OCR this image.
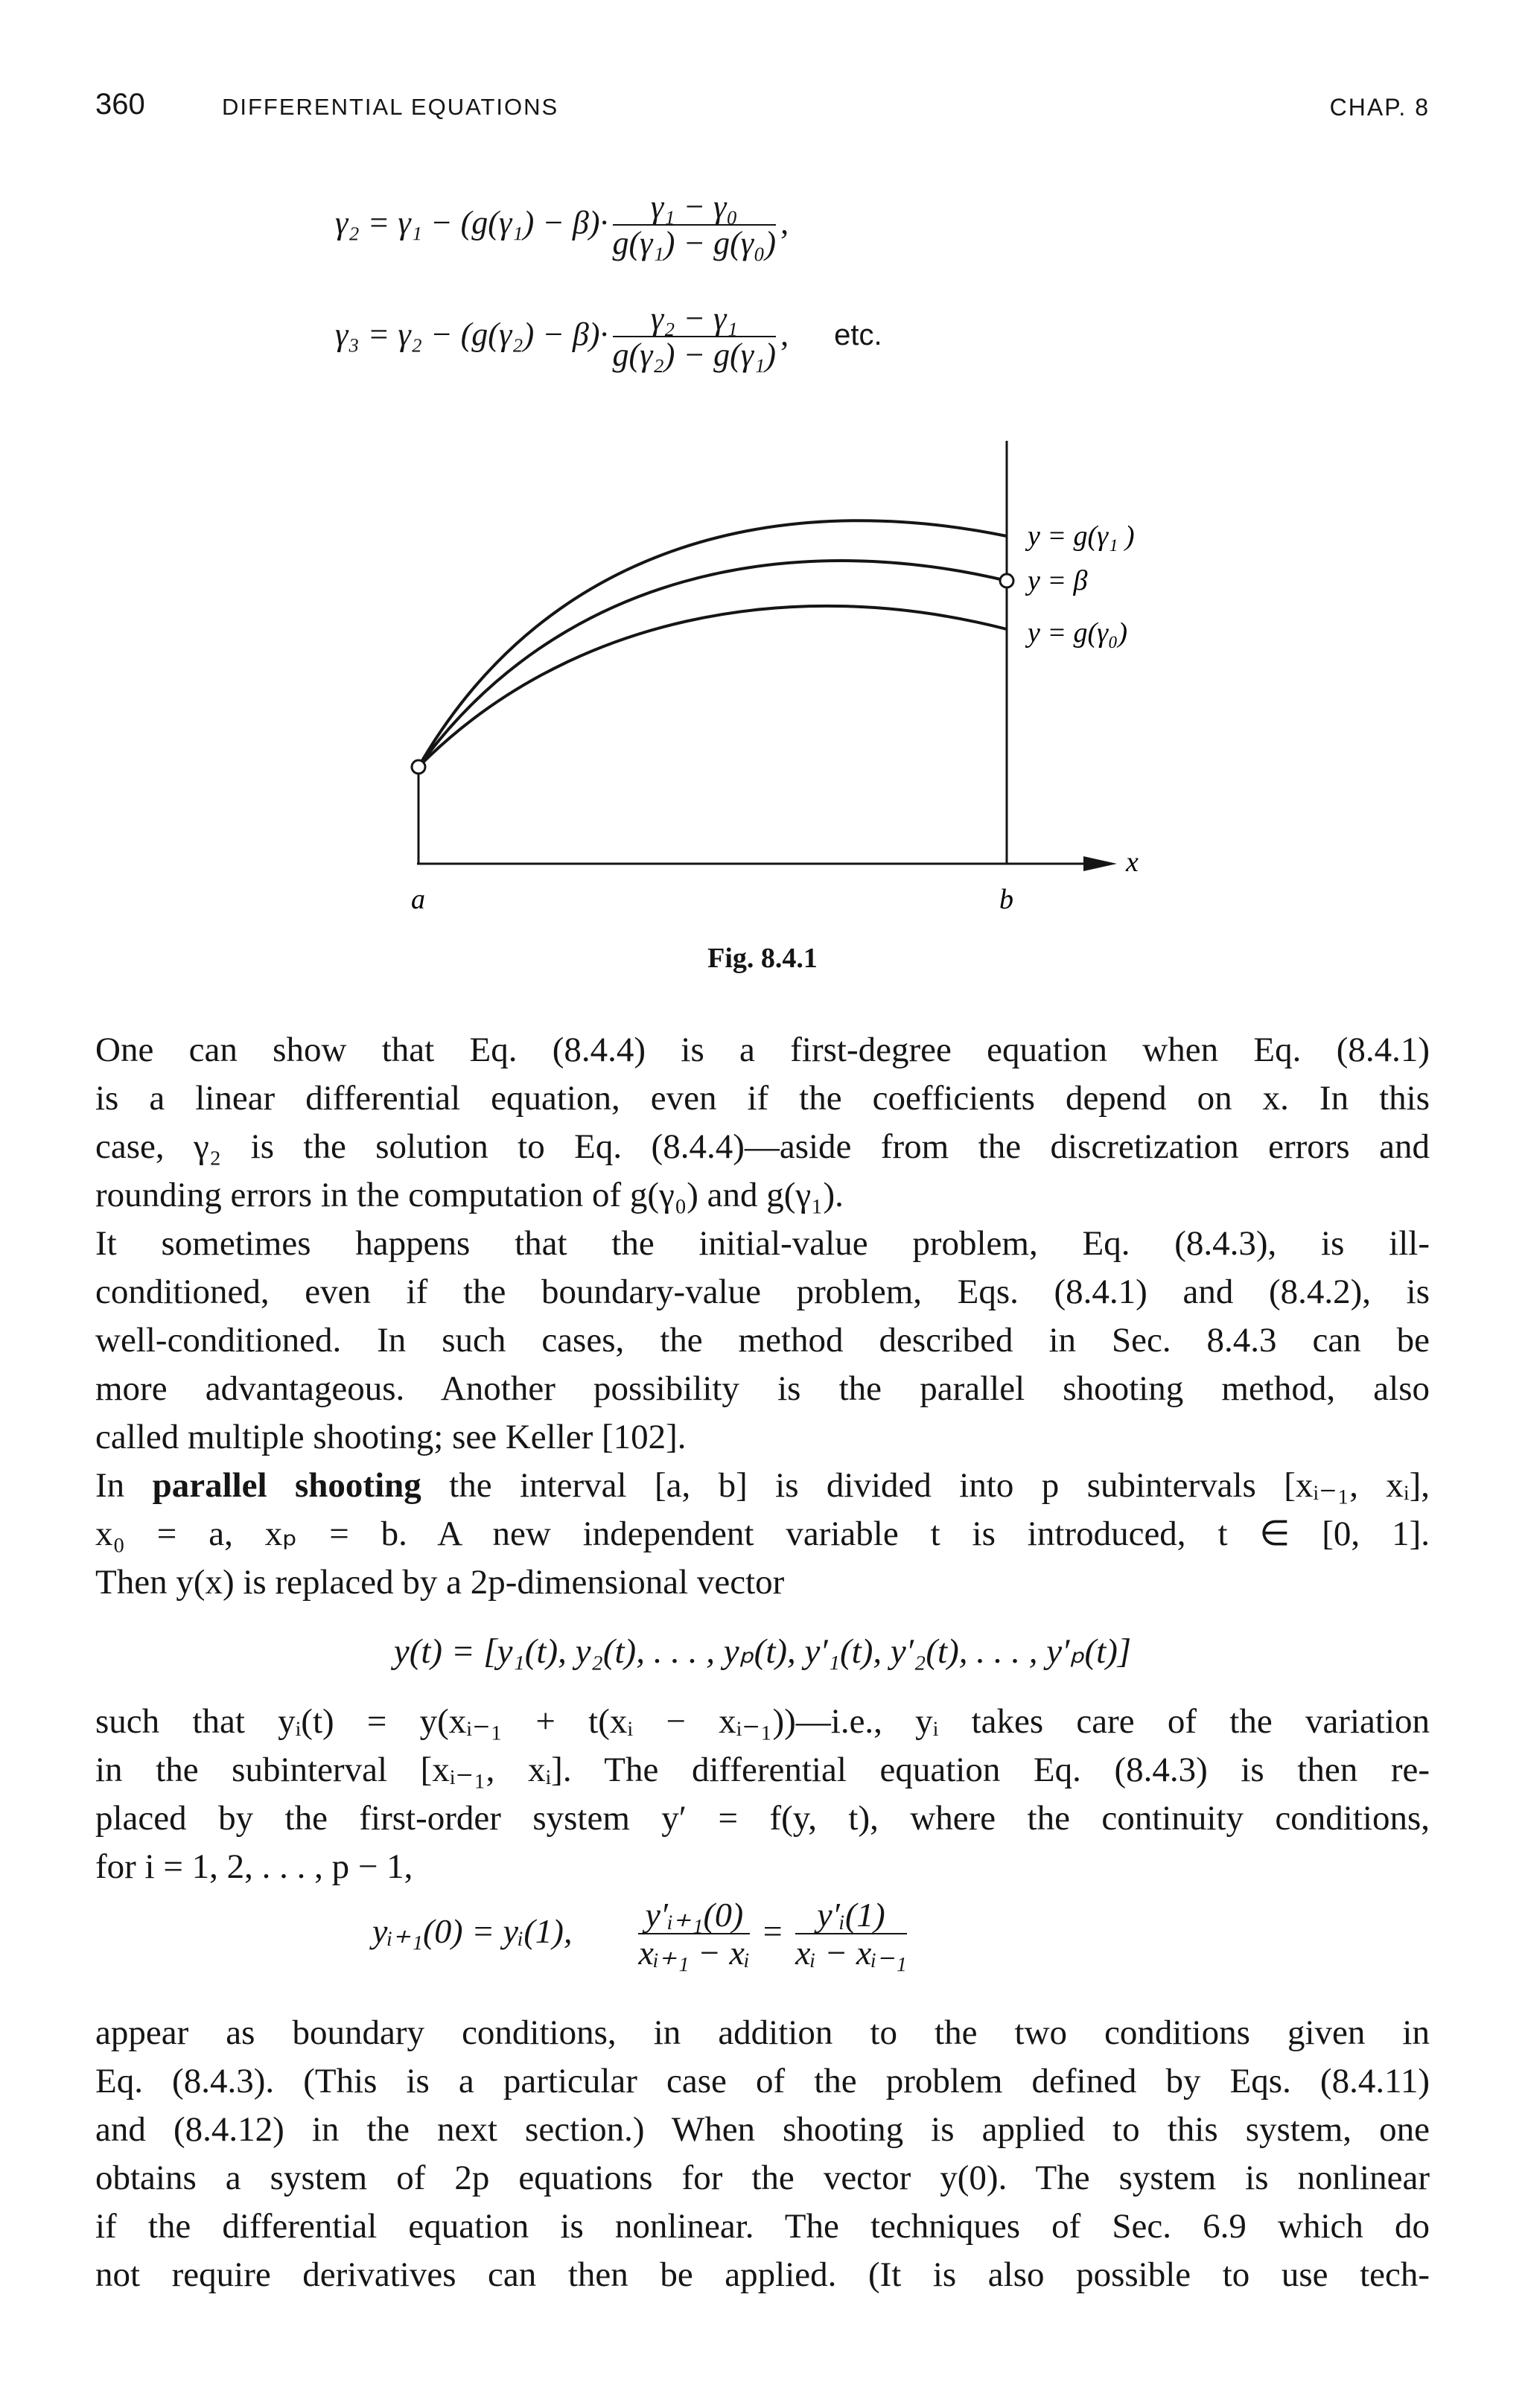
360	DIFFERENTIAL EQUATIONS	CHAP. 8
$\gamma_2 = \gamma_1 - (g(\gamma_1) - \beta)\cdot \frac{\text{γ₁ − γ₀}}{\text{g(γ₁) − g(γ₀)}}$ ,
$\gamma_3 = \gamma_2 - (g(\gamma_2) - \beta)\cdot \frac{\text{γ₂ − γ₁}}{\text{g(γ₂) − g(γ₁)}}$ , etc.
y = g(γ₁ )
y = β
y = g(γ₀)
a	b
x
Fig. 8.4.1
One can show that Eq. (8.4.4) is a first-degree equation when Eq. (8.4.1)
is a linear differential equation, even if the coefficients depend on x. In this
case, γ₂ is the solution to Eq. (8.4.4)—aside from the discretization errors and
rounding errors in the computation of g(γ₀) and g(γ₁).
It sometimes happens that the initial-value problem, Eq. (8.4.3), is ill-
conditioned, even if the boundary-value problem, Eqs. (8.4.1) and (8.4.2), is
well-conditioned. In such cases, the method described in Sec. 8.4.3 can be
more advantageous. Another possibility is the parallel shooting method, also
called multiple shooting; see Keller [102].
In parallel shooting the interval [a, b] is divided into p subintervals [xᵢ₋₁, xᵢ],
x₀ = a, xₚ = b. A new independent variable t is introduced, t ∈ [0, 1].
Then y(x) is replaced by a 2p-dimensional vector
y(t) = [y₁(t), y₂(t), . . . , yₚ(t), y′₁(t), y′₂(t), . . . , y′ₚ(t)]
such that yᵢ(t) = y(xᵢ₋₁ + t(xᵢ − xᵢ₋₁))—i.e., yᵢ takes care of the variation
in the subinterval [xᵢ₋₁, xᵢ]. The differential equation Eq. (8.4.3) is then re-
placed by the first-order system y′ = f(y, t), where the continuity conditions,
for i = 1, 2, . . . , p − 1,
yᵢ₊₁(0) = yᵢ(1), $\frac{\text{y′ᵢ₊₁(0)}}{\text{xᵢ₊₁ − xᵢ}} = \frac{\text{y′ᵢ(1)}}{\text{xᵢ − xᵢ₋₁}}$
appear as boundary conditions, in addition to the two conditions given in
Eq. (8.4.3). (This is a particular case of the problem defined by Eqs. (8.4.11)
and (8.4.12) in the next section.) When shooting is applied to this system, one
obtains a system of 2p equations for the vector y(0). The system is nonlinear
if the differential equation is nonlinear. The techniques of Sec. 6.9 which do
not require derivatives can then be applied. (It is also possible to use tech-
